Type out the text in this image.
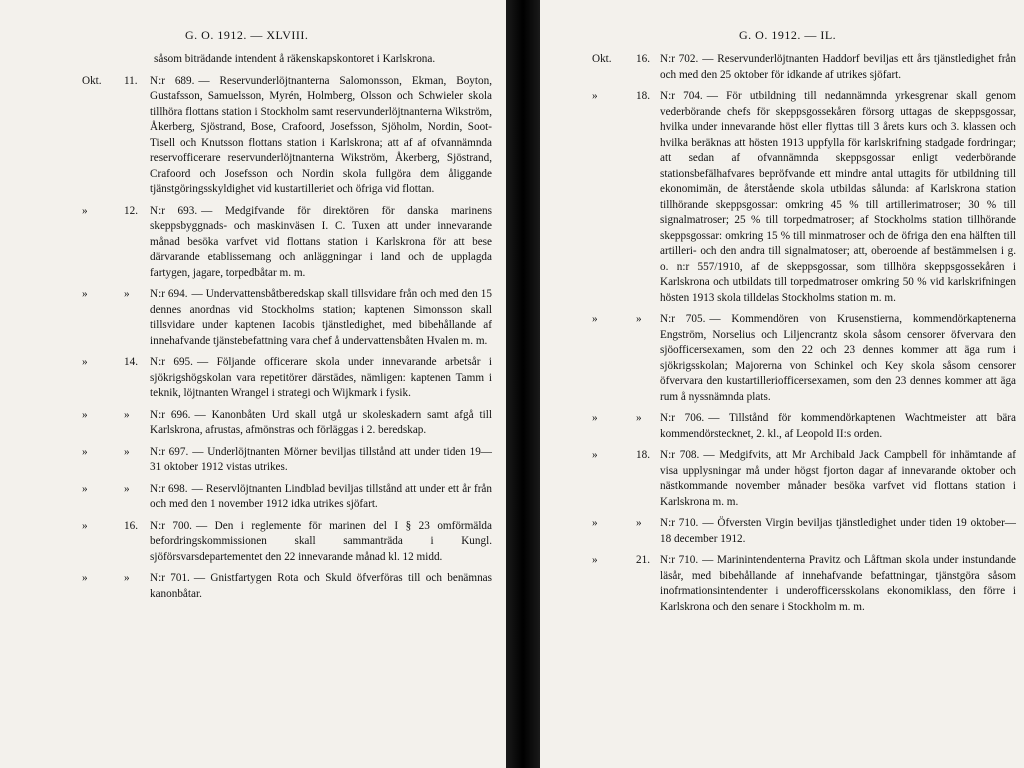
G. O. 1912. — XLVIII.
såsom biträdande intendent å räkenskapskontoret i Karlskrona.
Okt. 11. N:r 689. — Reservunderlöjtnanterna Salomonsson, Ekman, Boyton, Gustafsson, Samuelsson, Myrén, Holmberg, Olsson och Schwieler skola tillhöra flottans station i Stockholm samt reservunderlöjtnanterna Wikström, Åkerberg, Sjöstrand, Bose, Crafoord, Josefsson, Sjöholm, Nordin, Soot-Tisell och Knutsson flottans station i Karlskrona; att af af ofvannämnda reservofficerare reservunderlöjtnanterna Wikström, Åkerberg, Sjöstrand, Crafoord och Josefsson och Nordin skola fullgöra dem åliggande tjänstgöringsskyldighet vid kustartilleriet och öfriga vid flottan.
»	12. N:r 693. — Medgifvande för direktören för danska marinens skeppsbyggnads- och maskinväsen I. C. Tuxen att under innevarande månad besöka varfvet vid flottans station i Karlskrona för att bese därvarande etablissemang och anläggningar i land och de upplagda fartygen, jagare, torpedbåtar m. m.
»	» N:r 694. — Undervattensbåtberedskap skall tillsvidare från och med den 15 dennes anordnas vid Stockholms station; kaptenen Simonsson skall tillsvidare under kaptenen Iacobis tjänstledighet, med bibehållande af innehafvande tjänstebefattning vara chef å undervattensbåten Hvalen m. m.
»	14. N:r 695. — Följande officerare skola under innevarande arbetsår i sjökrigshögskolan vara repetitörer därstädes, nämligen: kaptenen Tamm i teknik, löjtnanten Wrangel i strategi och Wijkmark i fysik.
»	» N:r 696. — Kanonbåten Urd skall utgå ur skoleskadern samt afgå till Karlskrona, afrustas, afmönstras och förläggas i 2. beredskap.
»	» N:r 697. — Underlöjtnanten Mörner beviljas tillstånd att under tiden 19—31 oktober 1912 vistas utrikes.
»	» N:r 698. — Reservlöjtnanten Lindblad beviljas tillstånd att under ett år från och med den 1 november 1912 idka utrikes sjöfart.
»	16. N:r 700. — Den i reglemente för marinen del I § 23 omförmälda befordringskommissionen skall sammanträda i Kungl. sjöförsvarsdepartementet den 22 innevarande månad kl. 12 midd.
»	» N:r 701. — Gnistfartygen Rota och Skuld öfverföras till och benämnas kanonbåtar.
G. O. 1912. — IL.
Okt. 16. N:r 702. — Reservunderlöjtnanten Haddorf beviljas ett års tjänstledighet från och med den 25 oktober för idkande af utrikes sjöfart.
»	18. N:r 704. — För utbildning till nedannämnda yrkesgrenar skall genom vederbörande chefs för skeppsgossekåren försorg uttagas de skeppsgossar, hvilka under innevarande höst eller flyttas till 3 årets kurs och 3. klassen och hvilka beräknas att hösten 1913 uppfylla för karlskrifning stadgade fordringar; att sedan af ofvannämnda skeppsgossar enligt vederbörande stationsbefälhafvares bepröfvande ett mindre antal uttagits för utbildning till ekonomimän, de återstående skola utbildas sålunda: af Karlskrona station tillhörande skeppsgossar: omkring 45 % till artillerimatroser; 30 % till signalmatroser; 25 % till torpedmatroser; af Stockholms station tillhörande skeppsgossar: omkring 15 % till minmatroser och de öfriga den ena hälften till artilleri- och den andra till signalmatoser; att, oberoende af bestämmelsen i g. o. n:r 557/1910, af de skeppsgossar, som tillhöra skeppsgossekåren i Karlskrona och utbildats till torpedmatroser omkring 50 % vid karlskrifningen hösten 1913 skola tilldelas Stockholms station m. m.
»	» N:r 705. — Kommendören von Krusenstierna, kommendörkaptenerna Engström, Norselius och Liljencrantz skola såsom censorer öfvervara den sjöofficersexamen, som den 22 och 23 dennes kommer att äga rum i sjökrigsskolan; Majorerna von Schinkel och Key skola såsom censorer öfvervara den kustartilleriofficersexamen, som den 23 dennes kommer att äga rum å nyssnämnda plats.
»	» N:r 706. — Tillstånd för kommendörkaptenen Wachtmeister att bära kommendörstecknet, 2. kl., af Leopold II:s orden.
»	18. N:r 708. — Medgifvits, att Mr Archibald Jack Campbell för inhämtande af visa upplysningar må under högst fjorton dagar af innevarande oktober och nästkommande november månader besöka varfvet vid flottans station i Karlskrona m. m.
»	» N:r 710. — Öfversten Virgin beviljas tjänstledighet under tiden 19 oktober—18 december 1912.
»	21. N:r 710. — Marinintendenterna Pravitz och Låftman skola under instundande läsår, med bibehållande af innehafvande befattningar, tjänstgöra såsom inofrmationsintendenter i underofficersskolans ekonomiklass, den förre i Karlskrona och den senare i Stockholm m. m.
